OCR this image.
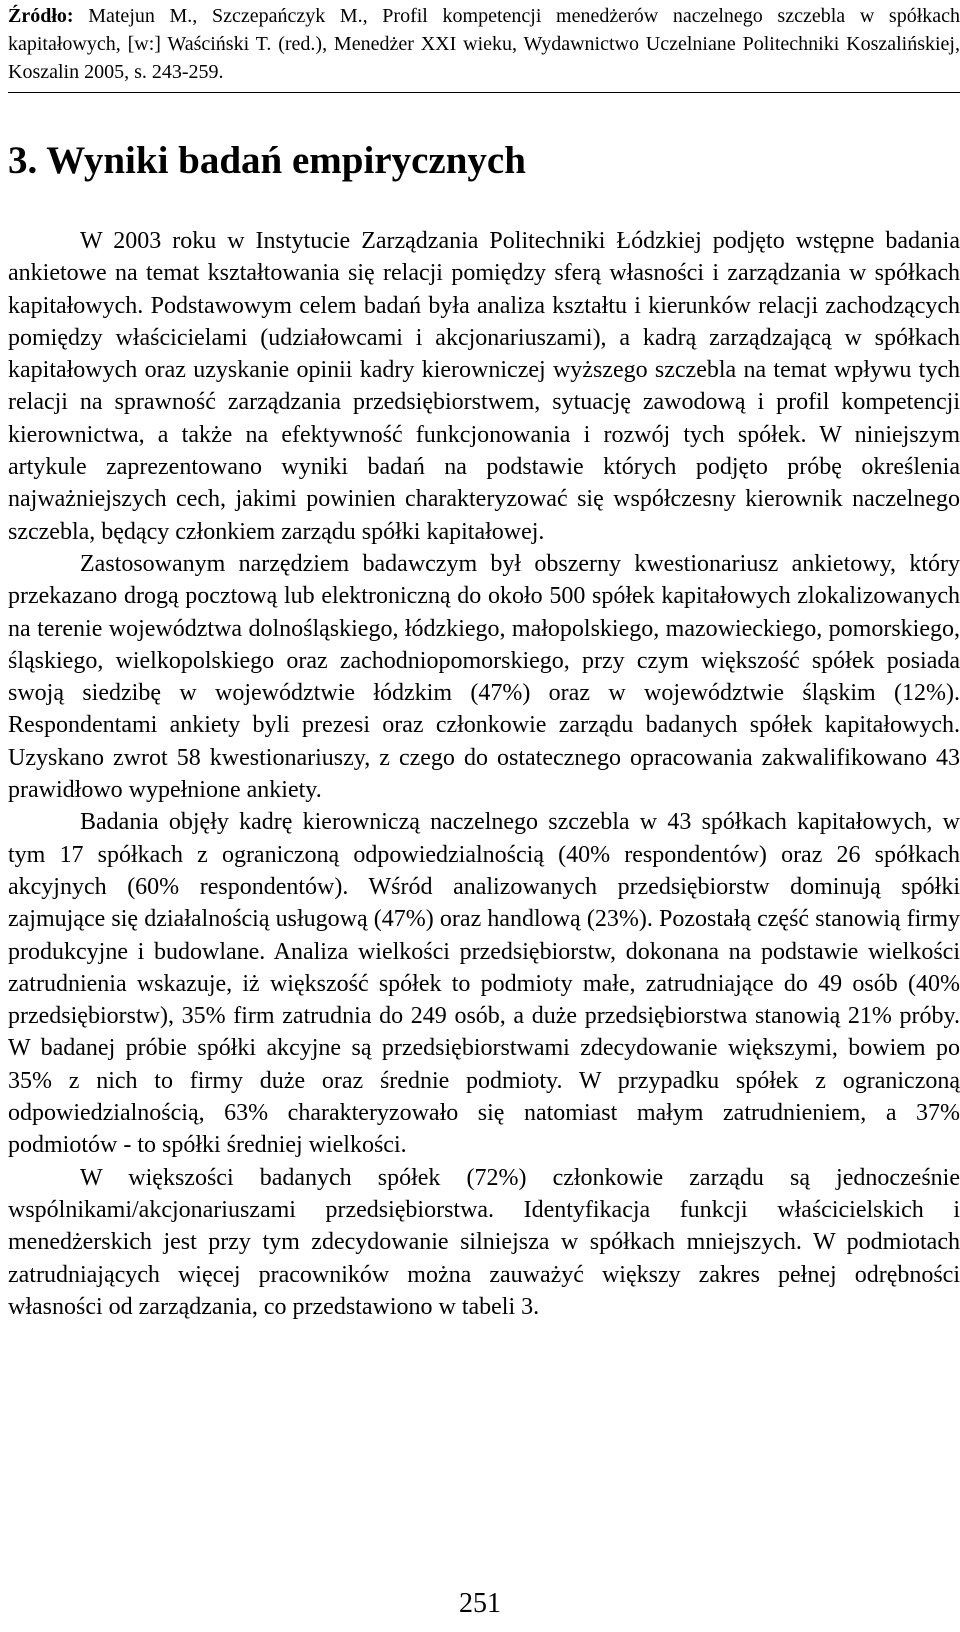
Źródło: Matejun M., Szczepańczyk M., Profil kompetencji menedżerów naczelnego szczebla w spółkach kapitałowych, [w:] Waściński T. (red.), Menedżer XXI wieku, Wydawnictwo Uczelniane Politechniki Koszalińskiej, Koszalin 2005, s. 243-259.

3. Wyniki badań empirycznych

W 2003 roku w Instytucie Zarządzania Politechniki Łódzkiej podjęto wstępne badania ankietowe na temat kształtowania się relacji pomiędzy sferą własności i zarządzania w spółkach kapitałowych. Podstawowym celem badań była analiza kształtu i kierunków relacji zachodzących pomiędzy właścicielami (udziałowcami i akcjonariuszami), a kadrą zarządzającą w spółkach kapitałowych oraz uzyskanie opinii kadry kierowniczej wyższego szczebla na temat wpływu tych relacji na sprawność zarządzania przedsiębiorstwem, sytuację zawodową i profil kompetencji kierownictwa, a także na efektywność funkcjonowania i rozwój tych spółek. W niniejszym artykule zaprezentowano wyniki badań na podstawie których podjęto próbę określenia najważniejszych cech, jakimi powinien charakteryzować się współczesny kierownik naczelnego szczebla, będący członkiem zarządu spółki kapitałowej.

Zastosowanym narzędziem badawczym był obszerny kwestionariusz ankietowy, który przekazano drogą pocztową lub elektroniczną do około 500 spółek kapitałowych zlokalizowanych na terenie województwa dolnośląskiego, łódzkiego, małopolskiego, mazowieckiego, pomorskiego, śląskiego, wielkopolskiego oraz zachodniopomorskiego, przy czym większość spółek posiada swoją siedzibę w województwie łódzkim (47%) oraz w województwie śląskim (12%). Respondentami ankiety byli prezesi oraz członkowie zarządu badanych spółek kapitałowych. Uzyskano zwrot 58 kwestionariuszy, z czego do ostatecznego opracowania zakwalifikowano 43 prawidłowo wypełnione ankiety.

Badania objęły kadrę kierowniczą naczelnego szczebla w 43 spółkach kapitałowych, w tym 17 spółkach z ograniczoną odpowiedzialnością (40% respondentów) oraz 26 spółkach akcyjnych (60% respondentów). Wśród analizowanych przedsiębiorstw dominują spółki zajmujące się działalnością usługową (47%) oraz handlową (23%). Pozostałą część stanowią firmy produkcyjne i budowlane. Analiza wielkości przedsiębiorstw, dokonana na podstawie wielkości zatrudnienia wskazuje, iż większość spółek to podmioty małe, zatrudniające do 49 osób (40% przedsiębiorstw), 35% firm zatrudnia do 249 osób, a duże przedsiębiorstwa stanowią 21% próby. W badanej próbie spółki akcyjne są przedsiębiorstwami zdecydowanie większymi, bowiem po 35% z nich to firmy duże oraz średnie podmioty. W przypadku spółek z ograniczoną odpowiedzialnością, 63% charakteryzowało się natomiast małym zatrudnieniem, a 37% podmiotów - to spółki średniej wielkości.

W większości badanych spółek (72%) członkowie zarządu są jednocześnie wspólnikami/akcjonariuszami przedsiębiorstwa. Identyfikacja funkcji właścicielskich i menedżerskich jest przy tym zdecydowanie silniejsza w spółkach mniejszych. W podmiotach zatrudniających więcej pracowników można zauważyć większy zakres pełnej odrębności własności od zarządzania, co przedstawiono w tabeli 3.

251
